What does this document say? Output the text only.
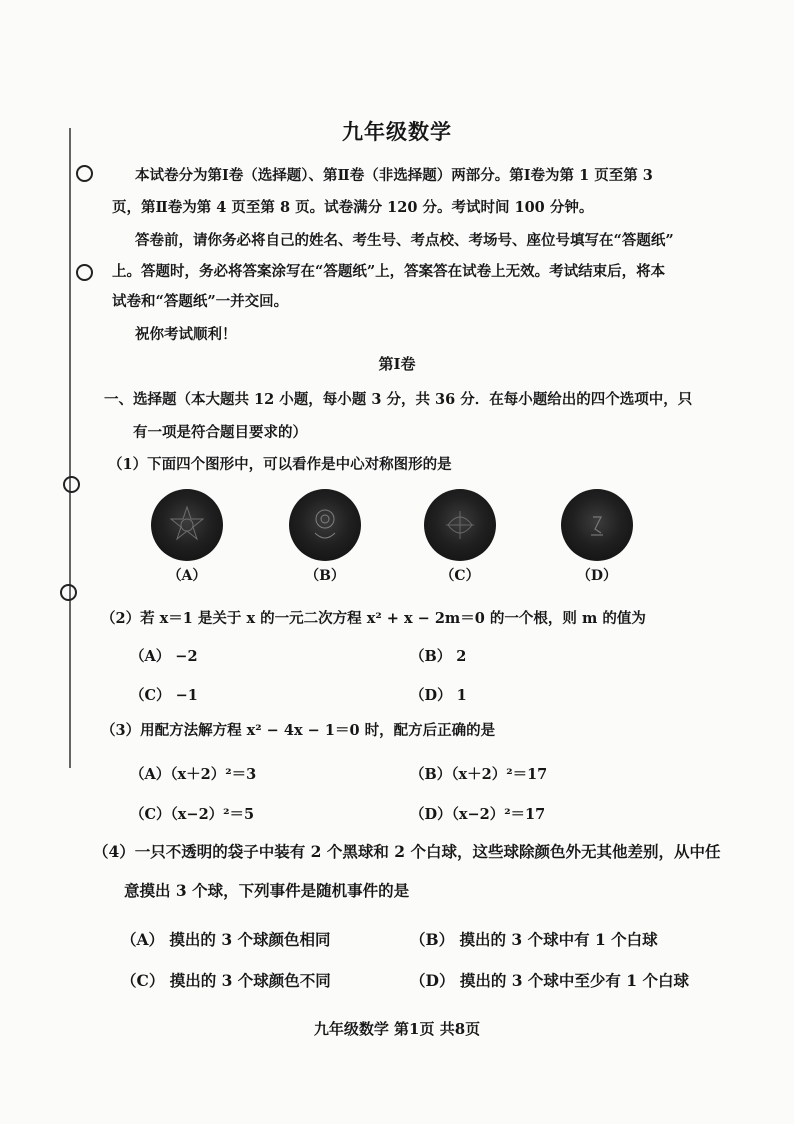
九年级数学
本试卷分为第Ⅰ卷（选择题）、第Ⅱ卷（非选择题）两部分。第Ⅰ卷为第 1 页至第 3
页，第Ⅱ卷为第 4 页至第 8 页。试卷满分 120 分。考试时间 100 分钟。
答卷前，请你务必将自己的姓名、考生号、考点校、考场号、座位号填写在“答题纸”
上。答题时，务必将答案涂写在“答题纸”上，答案答在试卷上无效。考试结束后，将本
试卷和“答题纸”一并交回。
祝你考试顺利！
第Ⅰ卷
一、选择题（本大题共 12 小题，每小题 3 分，共 36 分．在每小题给出的四个选项中，只
有一项是符合题目要求的）
（1）下面四个图形中，可以看作是中心对称图形的是
（A）	（B）	（C）	（D）
（2）若 x＝1 是关于 x 的一元二次方程 x² + x − 2m＝0 的一个根，则 m 的值为
（A） −2	（B） 2
（C） −1	（D） 1
（3）用配方法解方程 x² − 4x − 1＝0 时，配方后正确的是
（A）（x＋2）²＝3	（B）（x＋2）²＝17
（C）（x−2）²＝5	（D）（x−2）²＝17
（4）一只不透明的袋子中装有 2 个黑球和 2 个白球，这些球除颜色外无其他差别，从中任
意摸出 3 个球，下列事件是随机事件的是
（A） 摸出的 3 个球颜色相同	（B） 摸出的 3 个球中有 1 个白球
（C） 摸出的 3 个球颜色不同	（D） 摸出的 3 个球中至少有 1 个白球
九年级数学 第1页 共8页
